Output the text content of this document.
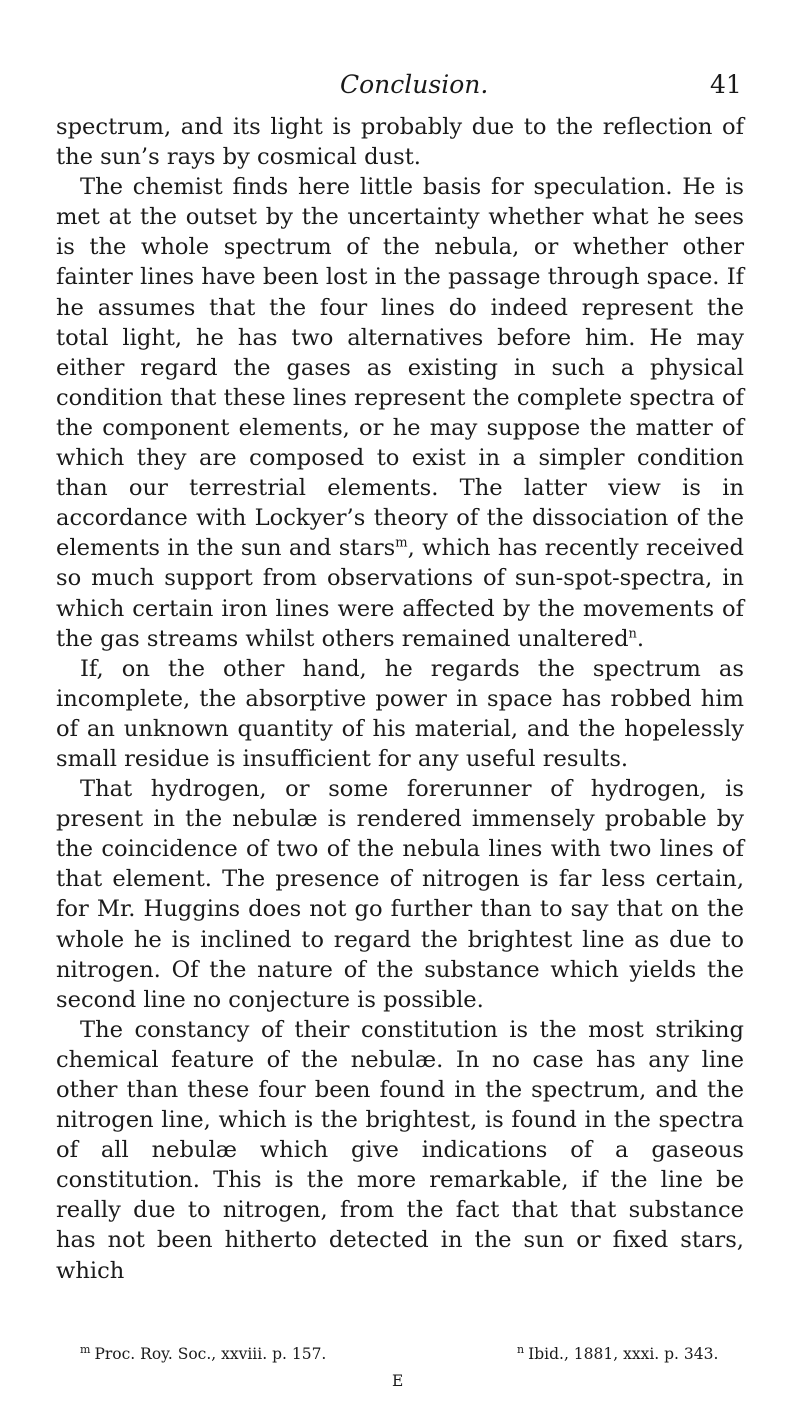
Conclusion.	41

spectrum, and its light is probably due to the reflection of the sun’s rays by cosmical dust.

The chemist finds here little basis for speculation. He is met at the outset by the uncertainty whether what he sees is the whole spectrum of the nebula, or whether other fainter lines have been lost in the passage through space. If he assumes that the four lines do indeed represent the total light, he has two alternatives before him. He may either regard the gases as existing in such a physical condition that these lines represent the complete spectra of the component elements, or he may suppose the matter of which they are composed to exist in a simpler condition than our terrestrial elements. The latter view is in accordance with Lockyer’s theory of the dissociation of the elements in the sun and stars$^m$, which has recently received so much support from observations of sun-spot-spectra, in which certain iron lines were affected by the movements of the gas streams whilst others remained unaltered$^n$.

If, on the other hand, he regards the spectrum as incomplete, the absorptive power in space has robbed him of an unknown quantity of his material, and the hopelessly small residue is insufficient for any useful results.

That hydrogen, or some forerunner of hydrogen, is present in the nebulæ is rendered immensely probable by the coincidence of two of the nebula lines with two lines of that element. The presence of nitrogen is far less certain, for Mr. Huggins does not go further than to say that on the whole he is inclined to regard the brightest line as due to nitrogen. Of the nature of the substance which yields the second line no conjecture is possible.

The constancy of their constitution is the most striking chemical feature of the nebulæ. In no case has any line other than these four been found in the spectrum, and the nitrogen line, which is the brightest, is found in the spectra of all nebulæ which give indications of a gaseous constitution. This is the more remarkable, if the line be really due to nitrogen, from the fact that that substance has not been hitherto detected in the sun or fixed stars, which

$^m$ Proc. Roy. Soc., xxviii. p. 157.	$^n$ Ibid., 1881, xxxi. p. 343.
E
